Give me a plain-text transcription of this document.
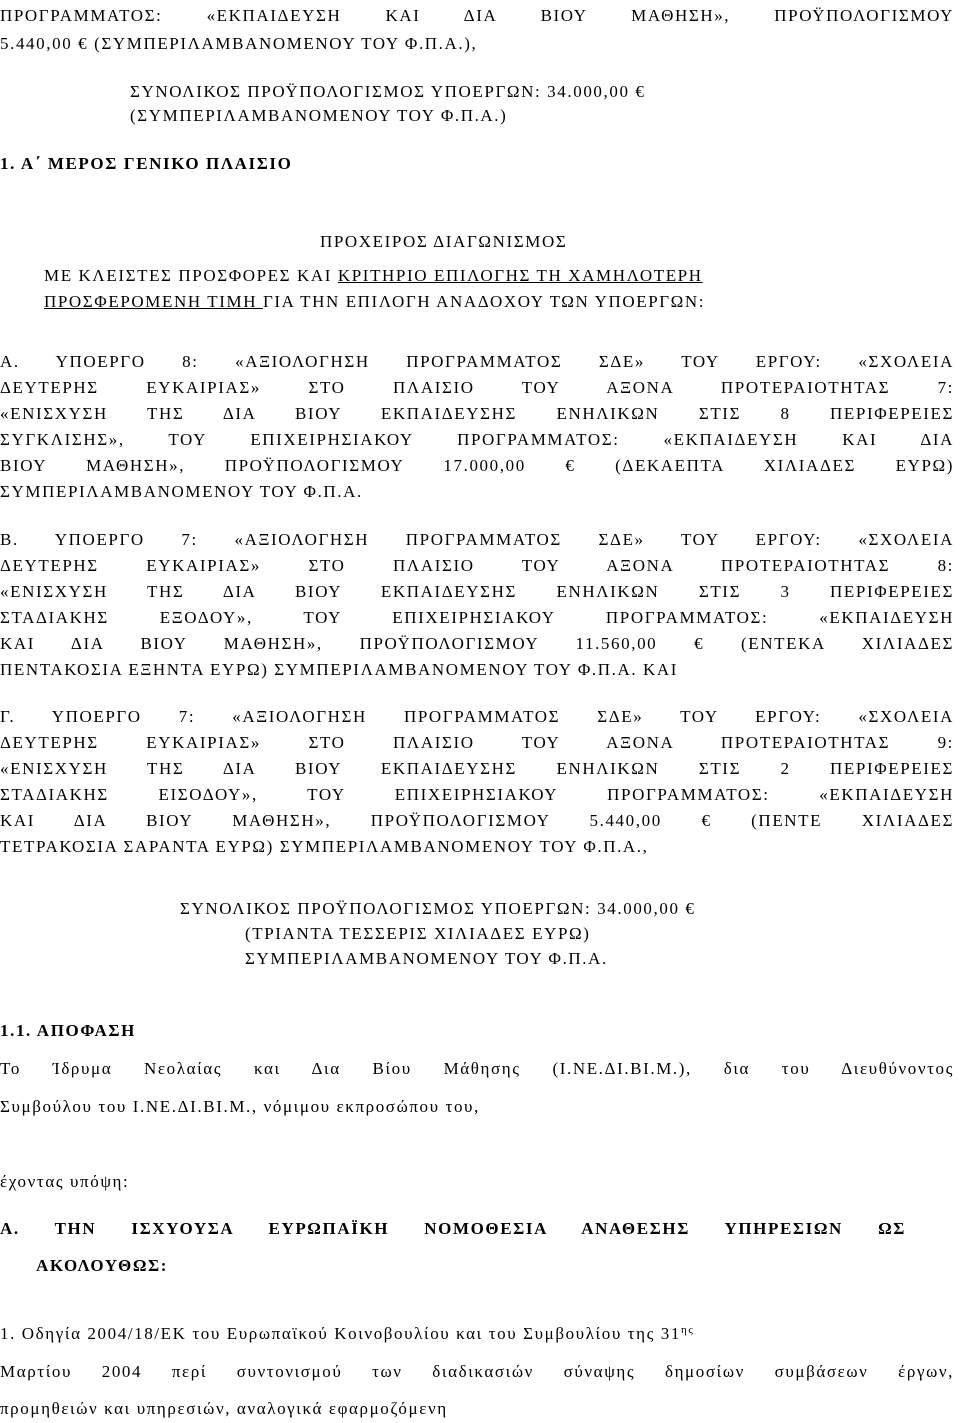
ΠΡΟΓΡΑΜΜΑΤΟΣ: «ΕΚΠΑΙΔΕΥΣΗ ΚΑΙ ΔΙΑ ΒΙΟΥ ΜΑΘΗΣΗ», ΠΡΟΫΠΟΛΟΓΙΣΜΟΥ
5.440,00 € (ΣΥΜΠΕΡΙΛΑΜΒΑΝΟΜΕΝΟΥ ΤΟΥ Φ.Π.Α.),
ΣΥΝΟΛΙΚΟΣ ΠΡΟΫΠΟΛΟΓΙΣΜΟΣ ΥΠΟΕΡΓΩΝ: 34.000,00 €
(ΣΥΜΠΕΡΙΛΑΜΒΑΝΟΜΕΝΟΥ ΤΟΥ Φ.Π.Α.)
1. Α΄ ΜΕΡΟΣ ΓΕΝΙΚΟ ΠΛΑΙΣΙΟ
ΠΡΟΧΕΙΡΟΣ ΔΙΑΓΩΝΙΣΜΟΣ
ΜΕ ΚΛΕΙΣΤΕΣ ΠΡΟΣΦΟΡΕΣ ΚΑΙ ΚΡΙΤΗΡΙΟ ΕΠΙΛΟΓΗΣ ΤΗ ΧΑΜΗΛΟΤΕΡΗ
ΠΡΟΣΦΕΡΟΜΕΝΗ ΤΙΜΗ ΓΙΑ ΤΗΝ ΕΠΙΛΟΓΗ ΑΝΑΔΟΧΟΥ ΤΩΝ ΥΠΟΕΡΓΩΝ:
Α. ΥΠΟΕΡΓΟ 8: «ΑΞΙΟΛΟΓΗΣΗ ΠΡΟΓΡΑΜΜΑΤΟΣ ΣΔΕ» ΤΟΥ ΕΡΓΟΥ: «ΣΧΟΛΕΙΑ
ΔΕΥΤΕΡΗΣ ΕΥΚΑΙΡΙΑΣ» ΣΤΟ ΠΛΑΙΣΙΟ ΤΟΥ ΑΞΟΝΑ ΠΡΟΤΕΡΑΙΟΤΗΤΑΣ 7:
«ΕΝΙΣΧΥΣΗ ΤΗΣ ΔΙΑ ΒΙΟΥ ΕΚΠΑΙΔΕΥΣΗΣ ΕΝΗΛΙΚΩΝ ΣΤΙΣ 8 ΠΕΡΙΦΕΡΕΙΕΣ
ΣΥΓΚΛΙΣΗΣ», ΤΟΥ ΕΠΙΧΕΙΡΗΣΙΑΚΟΥ ΠΡΟΓΡΑΜΜΑΤΟΣ: «ΕΚΠΑΙΔΕΥΣΗ ΚΑΙ ΔΙΑ
ΒΙΟΥ ΜΑΘΗΣΗ», ΠΡΟΫΠΟΛΟΓΙΣΜΟΥ 17.000,00 € (ΔΕΚΑΕΠΤΑ ΧΙΛΙΑΔΕΣ ΕΥΡΩ)
ΣΥΜΠΕΡΙΛΑΜΒΑΝΟΜΕΝΟΥ ΤΟΥ Φ.Π.Α.
Β. ΥΠΟΕΡΓΟ 7: «ΑΞΙΟΛΟΓΗΣΗ ΠΡΟΓΡΑΜΜΑΤΟΣ ΣΔΕ» ΤΟΥ ΕΡΓΟΥ: «ΣΧΟΛΕΙΑ
ΔΕΥΤΕΡΗΣ ΕΥΚΑΙΡΙΑΣ» ΣΤΟ ΠΛΑΙΣΙΟ ΤΟΥ ΑΞΟΝΑ ΠΡΟΤΕΡΑΙΟΤΗΤΑΣ 8:
«ΕΝΙΣΧΥΣΗ ΤΗΣ ΔΙΑ ΒΙΟΥ ΕΚΠΑΙΔΕΥΣΗΣ ΕΝΗΛΙΚΩΝ ΣΤΙΣ 3 ΠΕΡΙΦΕΡΕΙΕΣ
ΣΤΑΔΙΑΚΗΣ ΕΞΟΔΟΥ», ΤΟΥ ΕΠΙΧΕΙΡΗΣΙΑΚΟΥ ΠΡΟΓΡΑΜΜΑΤΟΣ: «ΕΚΠΑΙΔΕΥΣΗ
ΚΑΙ ΔΙΑ ΒΙΟΥ ΜΑΘΗΣΗ», ΠΡΟΫΠΟΛΟΓΙΣΜΟΥ 11.560,00 € (ΕΝΤΕΚΑ ΧΙΛΙΑΔΕΣ
ΠΕΝΤΑΚΟΣΙΑ ΕΞΗΝΤΑ ΕΥΡΩ) ΣΥΜΠΕΡΙΛΑΜΒΑΝΟΜΕΝΟΥ ΤΟΥ Φ.Π.Α. ΚΑΙ
Γ. ΥΠΟΕΡΓΟ 7: «ΑΞΙΟΛΟΓΗΣΗ ΠΡΟΓΡΑΜΜΑΤΟΣ ΣΔΕ» ΤΟΥ ΕΡΓΟΥ: «ΣΧΟΛΕΙΑ
ΔΕΥΤΕΡΗΣ ΕΥΚΑΙΡΙΑΣ» ΣΤΟ ΠΛΑΙΣΙΟ ΤΟΥ ΑΞΟΝΑ ΠΡΟΤΕΡΑΙΟΤΗΤΑΣ 9:
«ΕΝΙΣΧΥΣΗ ΤΗΣ ΔΙΑ ΒΙΟΥ ΕΚΠΑΙΔΕΥΣΗΣ ΕΝΗΛΙΚΩΝ ΣΤΙΣ 2 ΠΕΡΙΦΕΡΕΙΕΣ
ΣΤΑΔΙΑΚΗΣ ΕΙΣΟΔΟΥ», ΤΟΥ ΕΠΙΧΕΙΡΗΣΙΑΚΟΥ ΠΡΟΓΡΑΜΜΑΤΟΣ: «ΕΚΠΑΙΔΕΥΣΗ
ΚΑΙ ΔΙΑ ΒΙΟΥ ΜΑΘΗΣΗ», ΠΡΟΫΠΟΛΟΓΙΣΜΟΥ 5.440,00 € (ΠΕΝΤΕ ΧΙΛΙΑΔΕΣ
ΤΕΤΡΑΚΟΣΙΑ ΣΑΡΑΝΤΑ ΕΥΡΩ) ΣΥΜΠΕΡΙΛΑΜΒΑΝΟΜΕΝΟΥ ΤΟΥ Φ.Π.Α.,
ΣΥΝΟΛΙΚΟΣ ΠΡΟΫΠΟΛΟΓΙΣΜΟΣ ΥΠΟΕΡΓΩΝ: 34.000,00 €
(ΤΡΙΑΝΤΑ ΤΕΣΣΕΡΙΣ ΧΙΛΙΑΔΕΣ ΕΥΡΩ)
ΣΥΜΠΕΡΙΛΑΜΒΑΝΟΜΕΝΟΥ ΤΟΥ Φ.Π.Α.
1.1. ΑΠΟΦΑΣΗ
Το Ίδρυμα Νεολαίας και Δια Βίου Μάθησης (Ι.ΝΕ.ΔΙ.ΒΙ.Μ.), δια του Διευθύνοντος
Συμβούλου του Ι.ΝΕ.ΔΙ.ΒΙ.Μ., νόμιμου εκπροσώπου του,
έχοντας υπόψη:
Α. ΤΗΝ ΙΣΧΥΟΥΣΑ ΕΥΡΩΠΑΪΚΗ ΝΟΜΟΘΕΣΙΑ ΑΝΑΘΕΣΗΣ ΥΠΗΡΕΣΙΩΝ ΩΣ
ΑΚΟΛΟΥΘΩΣ:
1. Οδηγία 2004/18/ΕΚ του Ευρωπαϊκού Κοινοβουλίου και του Συμβουλίου της $31^{\eta\varsigma}$
Μαρτίου 2004 περί συντονισμού των διαδικασιών σύναψης δημοσίων συμβάσεων έργων,
προμηθειών και υπηρεσιών, αναλογικά εφαρμοζόμενη
